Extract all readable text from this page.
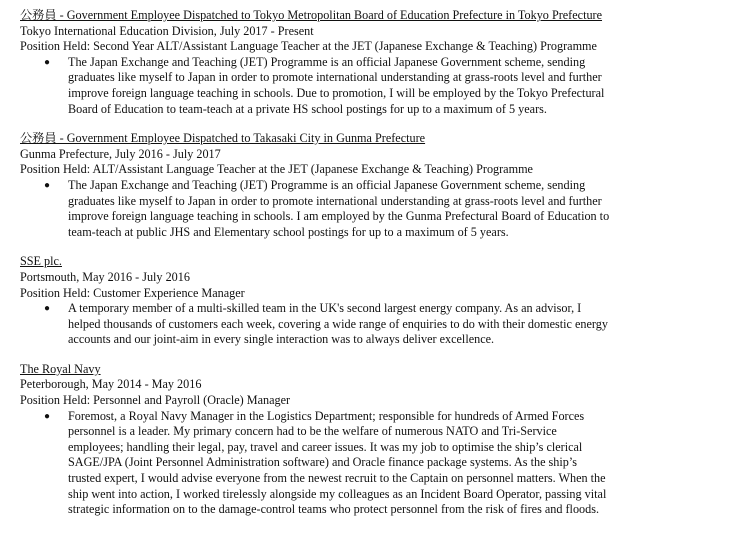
公務員 - Government Employee Dispatched to Tokyo Metropolitan Board of Education Prefecture in Tokyo Prefecture
Tokyo International Education Division, July 2017 - Present
Position Held: Second Year ALT/Assistant Language Teacher at the JET (Japanese Exchange & Teaching) Programme
● The Japan Exchange and Teaching (JET) Programme is an official Japanese Government scheme, sending
graduates like myself to Japan in order to promote international understanding at grass-roots level and further
improve foreign language teaching in schools. Due to promotion, I will be employed by the Tokyo Prefectural
Board of Education to team-teach at a private HS school postings for up to a maximum of 5 years.
公務員 - Government Employee Dispatched to Takasaki City in Gunma Prefecture
Gunma Prefecture, July 2016 - July 2017
Position Held: ALT/Assistant Language Teacher at the JET (Japanese Exchange & Teaching) Programme
● The Japan Exchange and Teaching (JET) Programme is an official Japanese Government scheme, sending
graduates like myself to Japan in order to promote international understanding at grass-roots level and further
improve foreign language teaching in schools. I am employed by the Gunma Prefectural Board of Education to
team-teach at public JHS and Elementary school postings for up to a maximum of 5 years.
SSE plc.
Portsmouth, May 2016 - July 2016
Position Held: Customer Experience Manager
● A temporary member of a multi-skilled team in the UK's second largest energy company. As an advisor, I
helped thousands of customers each week, covering a wide range of enquiries to do with their domestic energy
accounts and our joint-aim in every single interaction was to always deliver excellence.
The Royal Navy
Peterborough, May 2014 - May 2016
Position Held: Personnel and Payroll (Oracle) Manager
● Foremost, a Royal Navy Manager in the Logistics Department; responsible for hundreds of Armed Forces
personnel is a leader. My primary concern had to be the welfare of numerous NATO and Tri-Service
employees; handling their legal, pay, travel and career issues. It was my job to optimise the ship’s clerical
SAGE/JPA (Joint Personnel Administration software) and Oracle finance package systems. As the ship’s
trusted expert, I would advise everyone from the newest recruit to the Captain on personnel matters. When the
ship went into action, I worked tirelessly alongside my colleagues as an Incident Board Operator, passing vital
strategic information on to the damage-control teams who protect personnel from the risk of fires and floods.
